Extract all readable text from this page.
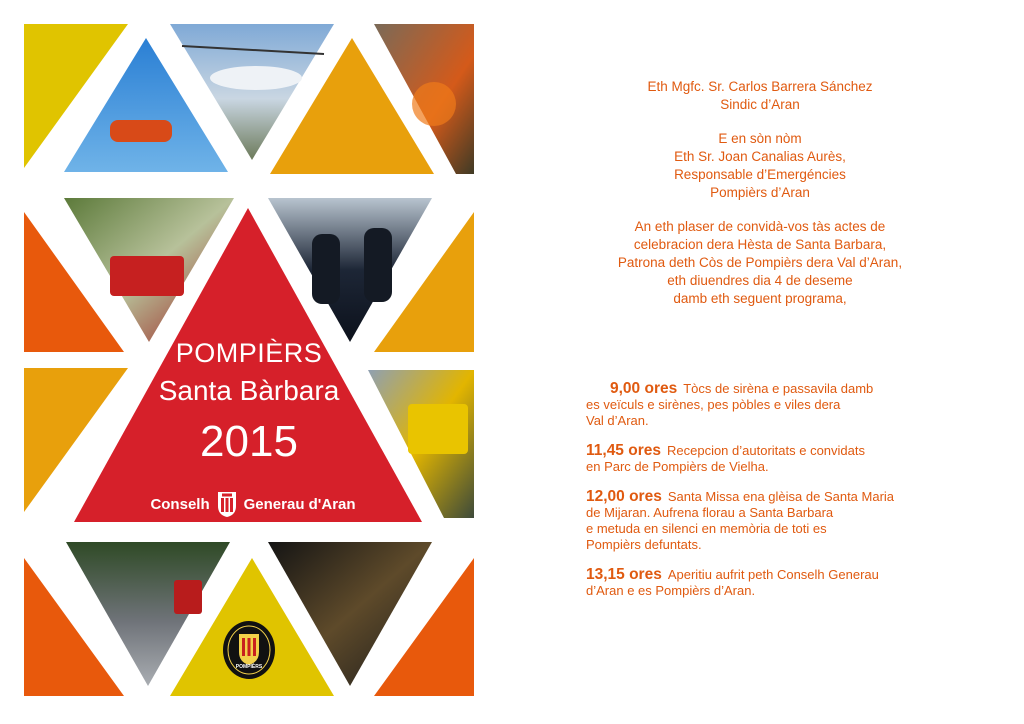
POMPIÈRS
Santa Bàrbara
2015
Conselh Generau d'Aran
POMPIÈRS
Eth Mgfc. Sr. Carlos Barrera Sánchez
Sindic d’Aran
E en sòn nòm
Eth Sr. Joan Canalias Aurès,
Responsable d’Emergéncies
Pompièrs d’Aran
An eth plaser de convidà-vos tàs actes de
celebracion dera Hèsta de Santa Barbara,
Patrona deth Còs de Pompièrs dera Val d’Aran,
eth diuendres dia 4 de deseme
damb eth seguent programa,
9,00 ores Tòcs de sirèna e passavila damb
es veïculs e sirènes, pes pòbles e viles dera
Val d’Aran.
11,45 ores Recepcion d’autoritats e convidats
en Parc de Pompièrs de Vielha.
12,00 ores Santa Missa ena glèisa de Santa Maria
de Mijaran. Aufrena florau a Santa Barbara
e metuda en silenci en memòria de toti es
Pompièrs defuntats.
13,15 ores Aperitiu aufrit peth Conselh Generau
d’Aran e es Pompièrs d’Aran.
